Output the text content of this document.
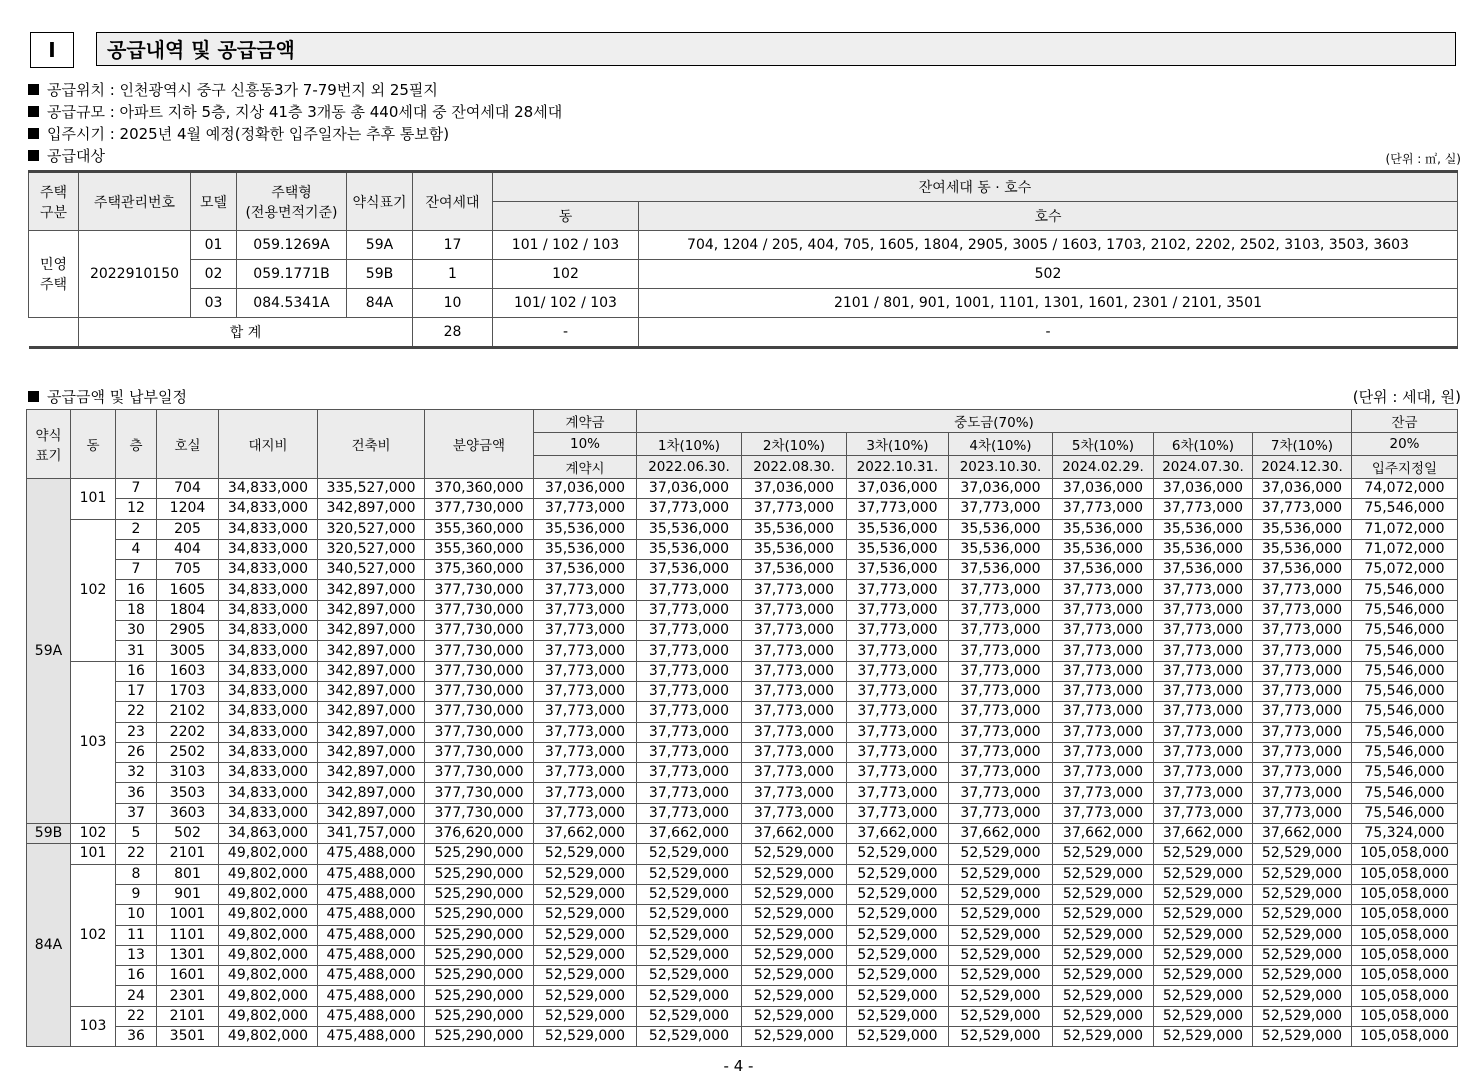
Ⅰ	공급내역 및 공급금액
공급위치 : 인천광역시 중구 신흥동3가 7-79번지 외 25필지
공급규모 : 아파트 지하 5층, 지상 41층 3개동 총 440세대 중 잔여세대 28세대
입주시기 : 2025년 4월 예정(정확한 입주일자는 추후 통보함)
공급대상	(단위 : ㎡, 실)
주택
구분	주택관리번호	모델	주택형
(전용면적기준)	약식표기	잔여세대	잔여세대 동 · 호수	
						동	호수
민영
주택	2022910150	01	059.1269A	59A	17	101 / 102 / 103	704, 1204 / 205, 404, 705, 1605, 1804, 2905, 3005 / 1603, 1703, 2102, 2202, 2502, 3103, 3503, 3603
		02	059.1771B	59B	1	102	502
		03	084.5341A	84A	10	101/ 102 / 103	2101 / 801, 901, 1001, 1101, 1301, 1601, 2301 / 2101, 3501
	합 계				28	-	-
공급금액 및 납부일정	(단위 : 세대, 원)
약식
표기	동	층	호실	대지비	건축비	분양금액	계약금	중도금(70%)							잔금
							10%	1차(10%)	2차(10%)	3차(10%)	4차(10%)	5차(10%)	6차(10%)	7차(10%)	20%
							계약시	2022.06.30.	2022.08.30.	2022.10.31.	2023.10.30.	2024.02.29.	2024.07.30.	2024.12.30.	입주지정일
59A	101	7	704	34,833,000	335,527,000	370,360,000	37,036,000	37,036,000	37,036,000	37,036,000	37,036,000	37,036,000	37,036,000	37,036,000	74,072,000
		12	1204	34,833,000	342,897,000	377,730,000	37,773,000	37,773,000	37,773,000	37,773,000	37,773,000	37,773,000	37,773,000	37,773,000	75,546,000
	102	2	205	34,833,000	320,527,000	355,360,000	35,536,000	35,536,000	35,536,000	35,536,000	35,536,000	35,536,000	35,536,000	35,536,000	71,072,000
		4	404	34,833,000	320,527,000	355,360,000	35,536,000	35,536,000	35,536,000	35,536,000	35,536,000	35,536,000	35,536,000	35,536,000	71,072,000
		7	705	34,833,000	340,527,000	375,360,000	37,536,000	37,536,000	37,536,000	37,536,000	37,536,000	37,536,000	37,536,000	37,536,000	75,072,000
		16	1605	34,833,000	342,897,000	377,730,000	37,773,000	37,773,000	37,773,000	37,773,000	37,773,000	37,773,000	37,773,000	37,773,000	75,546,000
		18	1804	34,833,000	342,897,000	377,730,000	37,773,000	37,773,000	37,773,000	37,773,000	37,773,000	37,773,000	37,773,000	37,773,000	75,546,000
		30	2905	34,833,000	342,897,000	377,730,000	37,773,000	37,773,000	37,773,000	37,773,000	37,773,000	37,773,000	37,773,000	37,773,000	75,546,000
		31	3005	34,833,000	342,897,000	377,730,000	37,773,000	37,773,000	37,773,000	37,773,000	37,773,000	37,773,000	37,773,000	37,773,000	75,546,000
	103	16	1603	34,833,000	342,897,000	377,730,000	37,773,000	37,773,000	37,773,000	37,773,000	37,773,000	37,773,000	37,773,000	37,773,000	75,546,000
		17	1703	34,833,000	342,897,000	377,730,000	37,773,000	37,773,000	37,773,000	37,773,000	37,773,000	37,773,000	37,773,000	37,773,000	75,546,000
		22	2102	34,833,000	342,897,000	377,730,000	37,773,000	37,773,000	37,773,000	37,773,000	37,773,000	37,773,000	37,773,000	37,773,000	75,546,000
		23	2202	34,833,000	342,897,000	377,730,000	37,773,000	37,773,000	37,773,000	37,773,000	37,773,000	37,773,000	37,773,000	37,773,000	75,546,000
		26	2502	34,833,000	342,897,000	377,730,000	37,773,000	37,773,000	37,773,000	37,773,000	37,773,000	37,773,000	37,773,000	37,773,000	75,546,000
		32	3103	34,833,000	342,897,000	377,730,000	37,773,000	37,773,000	37,773,000	37,773,000	37,773,000	37,773,000	37,773,000	37,773,000	75,546,000
		36	3503	34,833,000	342,897,000	377,730,000	37,773,000	37,773,000	37,773,000	37,773,000	37,773,000	37,773,000	37,773,000	37,773,000	75,546,000
		37	3603	34,833,000	342,897,000	377,730,000	37,773,000	37,773,000	37,773,000	37,773,000	37,773,000	37,773,000	37,773,000	37,773,000	75,546,000
59B	102	5	502	34,863,000	341,757,000	376,620,000	37,662,000	37,662,000	37,662,000	37,662,000	37,662,000	37,662,000	37,662,000	37,662,000	75,324,000
84A	101	22	2101	49,802,000	475,488,000	525,290,000	52,529,000	52,529,000	52,529,000	52,529,000	52,529,000	52,529,000	52,529,000	52,529,000	105,058,000
	102	8	801	49,802,000	475,488,000	525,290,000	52,529,000	52,529,000	52,529,000	52,529,000	52,529,000	52,529,000	52,529,000	52,529,000	105,058,000
		9	901	49,802,000	475,488,000	525,290,000	52,529,000	52,529,000	52,529,000	52,529,000	52,529,000	52,529,000	52,529,000	52,529,000	105,058,000
		10	1001	49,802,000	475,488,000	525,290,000	52,529,000	52,529,000	52,529,000	52,529,000	52,529,000	52,529,000	52,529,000	52,529,000	105,058,000
		11	1101	49,802,000	475,488,000	525,290,000	52,529,000	52,529,000	52,529,000	52,529,000	52,529,000	52,529,000	52,529,000	52,529,000	105,058,000
		13	1301	49,802,000	475,488,000	525,290,000	52,529,000	52,529,000	52,529,000	52,529,000	52,529,000	52,529,000	52,529,000	52,529,000	105,058,000
		16	1601	49,802,000	475,488,000	525,290,000	52,529,000	52,529,000	52,529,000	52,529,000	52,529,000	52,529,000	52,529,000	52,529,000	105,058,000
		24	2301	49,802,000	475,488,000	525,290,000	52,529,000	52,529,000	52,529,000	52,529,000	52,529,000	52,529,000	52,529,000	52,529,000	105,058,000
	103	22	2101	49,802,000	475,488,000	525,290,000	52,529,000	52,529,000	52,529,000	52,529,000	52,529,000	52,529,000	52,529,000	52,529,000	105,058,000
		36	3501	49,802,000	475,488,000	525,290,000	52,529,000	52,529,000	52,529,000	52,529,000	52,529,000	52,529,000	52,529,000	52,529,000	105,058,000
- 4 -
